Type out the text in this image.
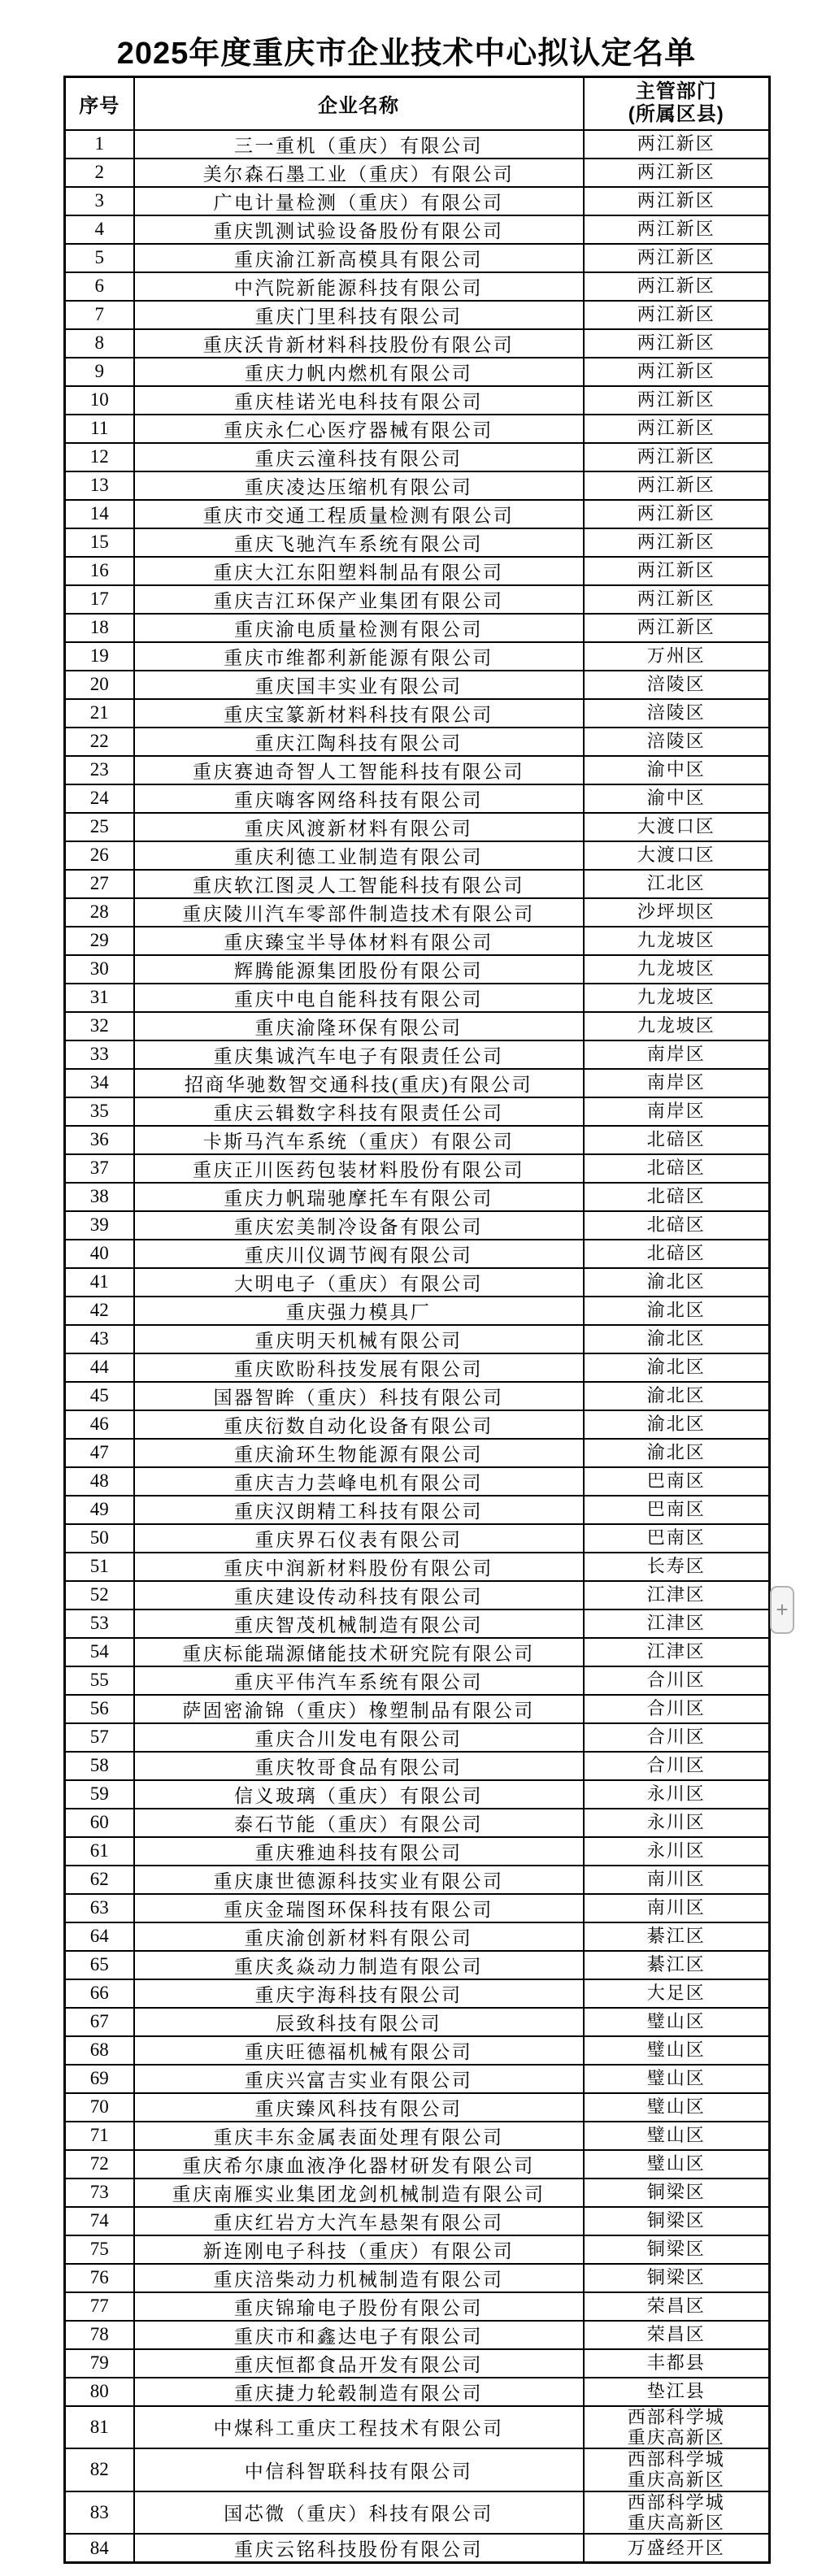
2025年度重庆市企业技术中心拟认定名单
序号	企业名称	主管部门
(所属区县)

1	三一重机（重庆）有限公司	两江新区
2	美尔森石墨工业（重庆）有限公司	两江新区
3	广电计量检测（重庆）有限公司	两江新区
4	重庆凯测试验设备股份有限公司	两江新区
5	重庆渝江新高模具有限公司	两江新区
6	中汽院新能源科技有限公司	两江新区
7	重庆门里科技有限公司	两江新区
8	重庆沃肯新材料科技股份有限公司	两江新区
9	重庆力帆内燃机有限公司	两江新区
10	重庆桂诺光电科技有限公司	两江新区
11	重庆永仁心医疗器械有限公司	两江新区
12	重庆云潼科技有限公司	两江新区
13	重庆凌达压缩机有限公司	两江新区
14	重庆市交通工程质量检测有限公司	两江新区
15	重庆飞驰汽车系统有限公司	两江新区
16	重庆大江东阳塑料制品有限公司	两江新区
17	重庆吉江环保产业集团有限公司	两江新区
18	重庆渝电质量检测有限公司	两江新区
19	重庆市维都利新能源有限公司	万州区
20	重庆国丰实业有限公司	涪陵区
21	重庆宝篆新材料科技有限公司	涪陵区
22	重庆江陶科技有限公司	涪陵区
23	重庆赛迪奇智人工智能科技有限公司	渝中区
24	重庆嗨客网络科技有限公司	渝中区
25	重庆风渡新材料有限公司	大渡口区
26	重庆利德工业制造有限公司	大渡口区
27	重庆软江图灵人工智能科技有限公司	江北区
28	重庆陵川汽车零部件制造技术有限公司	沙坪坝区
29	重庆臻宝半导体材料有限公司	九龙坡区
30	辉腾能源集团股份有限公司	九龙坡区
31	重庆中电自能科技有限公司	九龙坡区
32	重庆渝隆环保有限公司	九龙坡区
33	重庆集诚汽车电子有限责任公司	南岸区
34	招商华驰数智交通科技(重庆)有限公司	南岸区
35	重庆云辑数字科技有限责任公司	南岸区
36	卡斯马汽车系统（重庆）有限公司	北碚区
37	重庆正川医药包装材料股份有限公司	北碚区
38	重庆力帆瑞驰摩托车有限公司	北碚区
39	重庆宏美制冷设备有限公司	北碚区
40	重庆川仪调节阀有限公司	北碚区
41	大明电子（重庆）有限公司	渝北区
42	重庆强力模具厂	渝北区
43	重庆明天机械有限公司	渝北区
44	重庆欧盼科技发展有限公司	渝北区
45	国器智眸（重庆）科技有限公司	渝北区
46	重庆衍数自动化设备有限公司	渝北区
47	重庆渝环生物能源有限公司	渝北区
48	重庆吉力芸峰电机有限公司	巴南区
49	重庆汉朗精工科技有限公司	巴南区
50	重庆界石仪表有限公司	巴南区
51	重庆中润新材料股份有限公司	长寿区
52	重庆建设传动科技有限公司	江津区
53	重庆智茂机械制造有限公司	江津区
54	重庆标能瑞源储能技术研究院有限公司	江津区
55	重庆平伟汽车系统有限公司	合川区
56	萨固密渝锦（重庆）橡塑制品有限公司	合川区
57	重庆合川发电有限公司	合川区
58	重庆牧哥食品有限公司	合川区
59	信义玻璃（重庆）有限公司	永川区
60	泰石节能（重庆）有限公司	永川区
61	重庆雅迪科技有限公司	永川区
62	重庆康世德源科技实业有限公司	南川区
63	重庆金瑞图环保科技有限公司	南川区
64	重庆渝创新材料有限公司	綦江区
65	重庆炙焱动力制造有限公司	綦江区
66	重庆宇海科技有限公司	大足区
67	辰致科技有限公司	璧山区
68	重庆旺德福机械有限公司	璧山区
69	重庆兴富吉实业有限公司	璧山区
70	重庆臻风科技有限公司	璧山区
71	重庆丰东金属表面处理有限公司	璧山区
72	重庆希尔康血液净化器材研发有限公司	璧山区
73	重庆南雁实业集团龙剑机械制造有限公司	铜梁区
74	重庆红岩方大汽车悬架有限公司	铜梁区
75	新连刚电子科技（重庆）有限公司	铜梁区
76	重庆涪柴动力机械制造有限公司	铜梁区
77	重庆锦瑜电子股份有限公司	荣昌区
78	重庆市和鑫达电子有限公司	荣昌区
79	重庆恒都食品开发有限公司	丰都县
80	重庆捷力轮毂制造有限公司	垫江县
81	中煤科工重庆工程技术有限公司	西部科学城
重庆高新区

82	中信科智联科技有限公司	西部科学城
重庆高新区

83	国芯微（重庆）科技有限公司	西部科学城
重庆高新区

84	重庆云铭科技股份有限公司	万盛经开区
+
